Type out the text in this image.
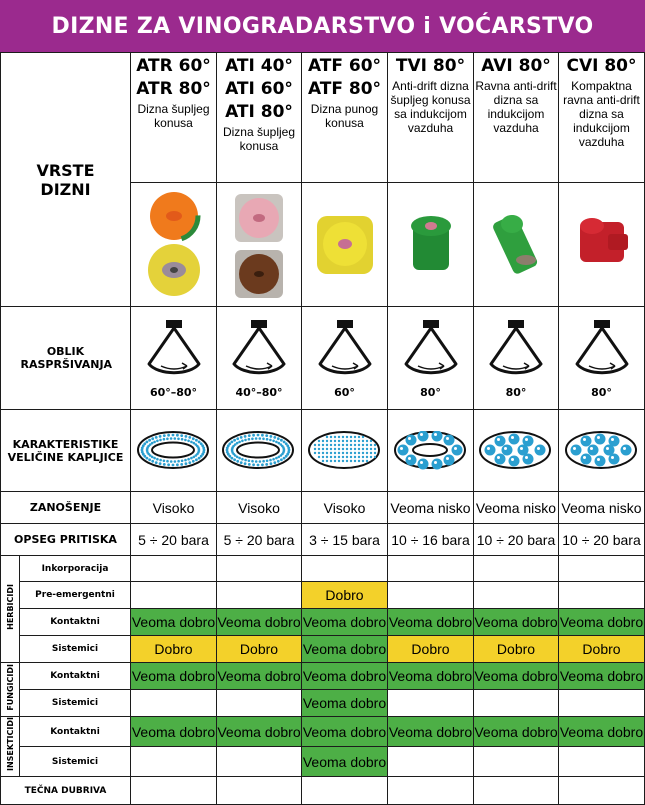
DIZNE ZA VINOGRADARSTVO i VOĆARSTVO
VRSTE DIZNI		ATR 60°
ATR 80°
Dizna šupljeg konusa	ATI 40°
ATI 60°
ATI 80°
Dizna šupljeg konusa	ATF 60°
ATF 80°
Dizna punog konusa	TVI 80°
Anti-drift dizna šupljeg konusa sa indukcijom vazduha	AVI 80°
Ravna anti-drift dizna sa indukcijom vazduha	CVI 80°
Kompaktna ravna anti-drift dizna sa indukcijom vazduha

OBLIK RASPRŠIVANJA		60°–80°	40°–80°	60°	80°	80°	80°

KARAKTERISTIKE VELIČINE KAPLJICE	

ZANOŠENJE		Visoko	Visoko	Visoko	Veoma nisko	Veoma nisko	Veoma nisko
OPSEG PRITISKA		5 ÷ 20 bara	5 ÷ 20 bara	3 ÷ 15 bara	10 ÷ 16 bara	10 ÷ 20 bara	10 ÷ 20 bara
HERBICIDI	Inkorporacija						
	Pre-emergentni			Dobro			
	Kontaktni	Veoma dobro	Veoma dobro	Veoma dobro	Veoma dobro	Veoma dobro	Veoma dobro
	Sistemici	Dobro	Dobro	Veoma dobro	Dobro	Dobro	Dobro
FUNGICIDI	Kontaktni	Veoma dobro	Veoma dobro	Veoma dobro	Veoma dobro	Veoma dobro	Veoma dobro
	Sistemici			Veoma dobro			
INSEKTICIDI	Kontaktni	Veoma dobro	Veoma dobro	Veoma dobro	Veoma dobro	Veoma dobro	Veoma dobro
	Sistemici			Veoma dobro			
TEČNA DUBRIVA							
